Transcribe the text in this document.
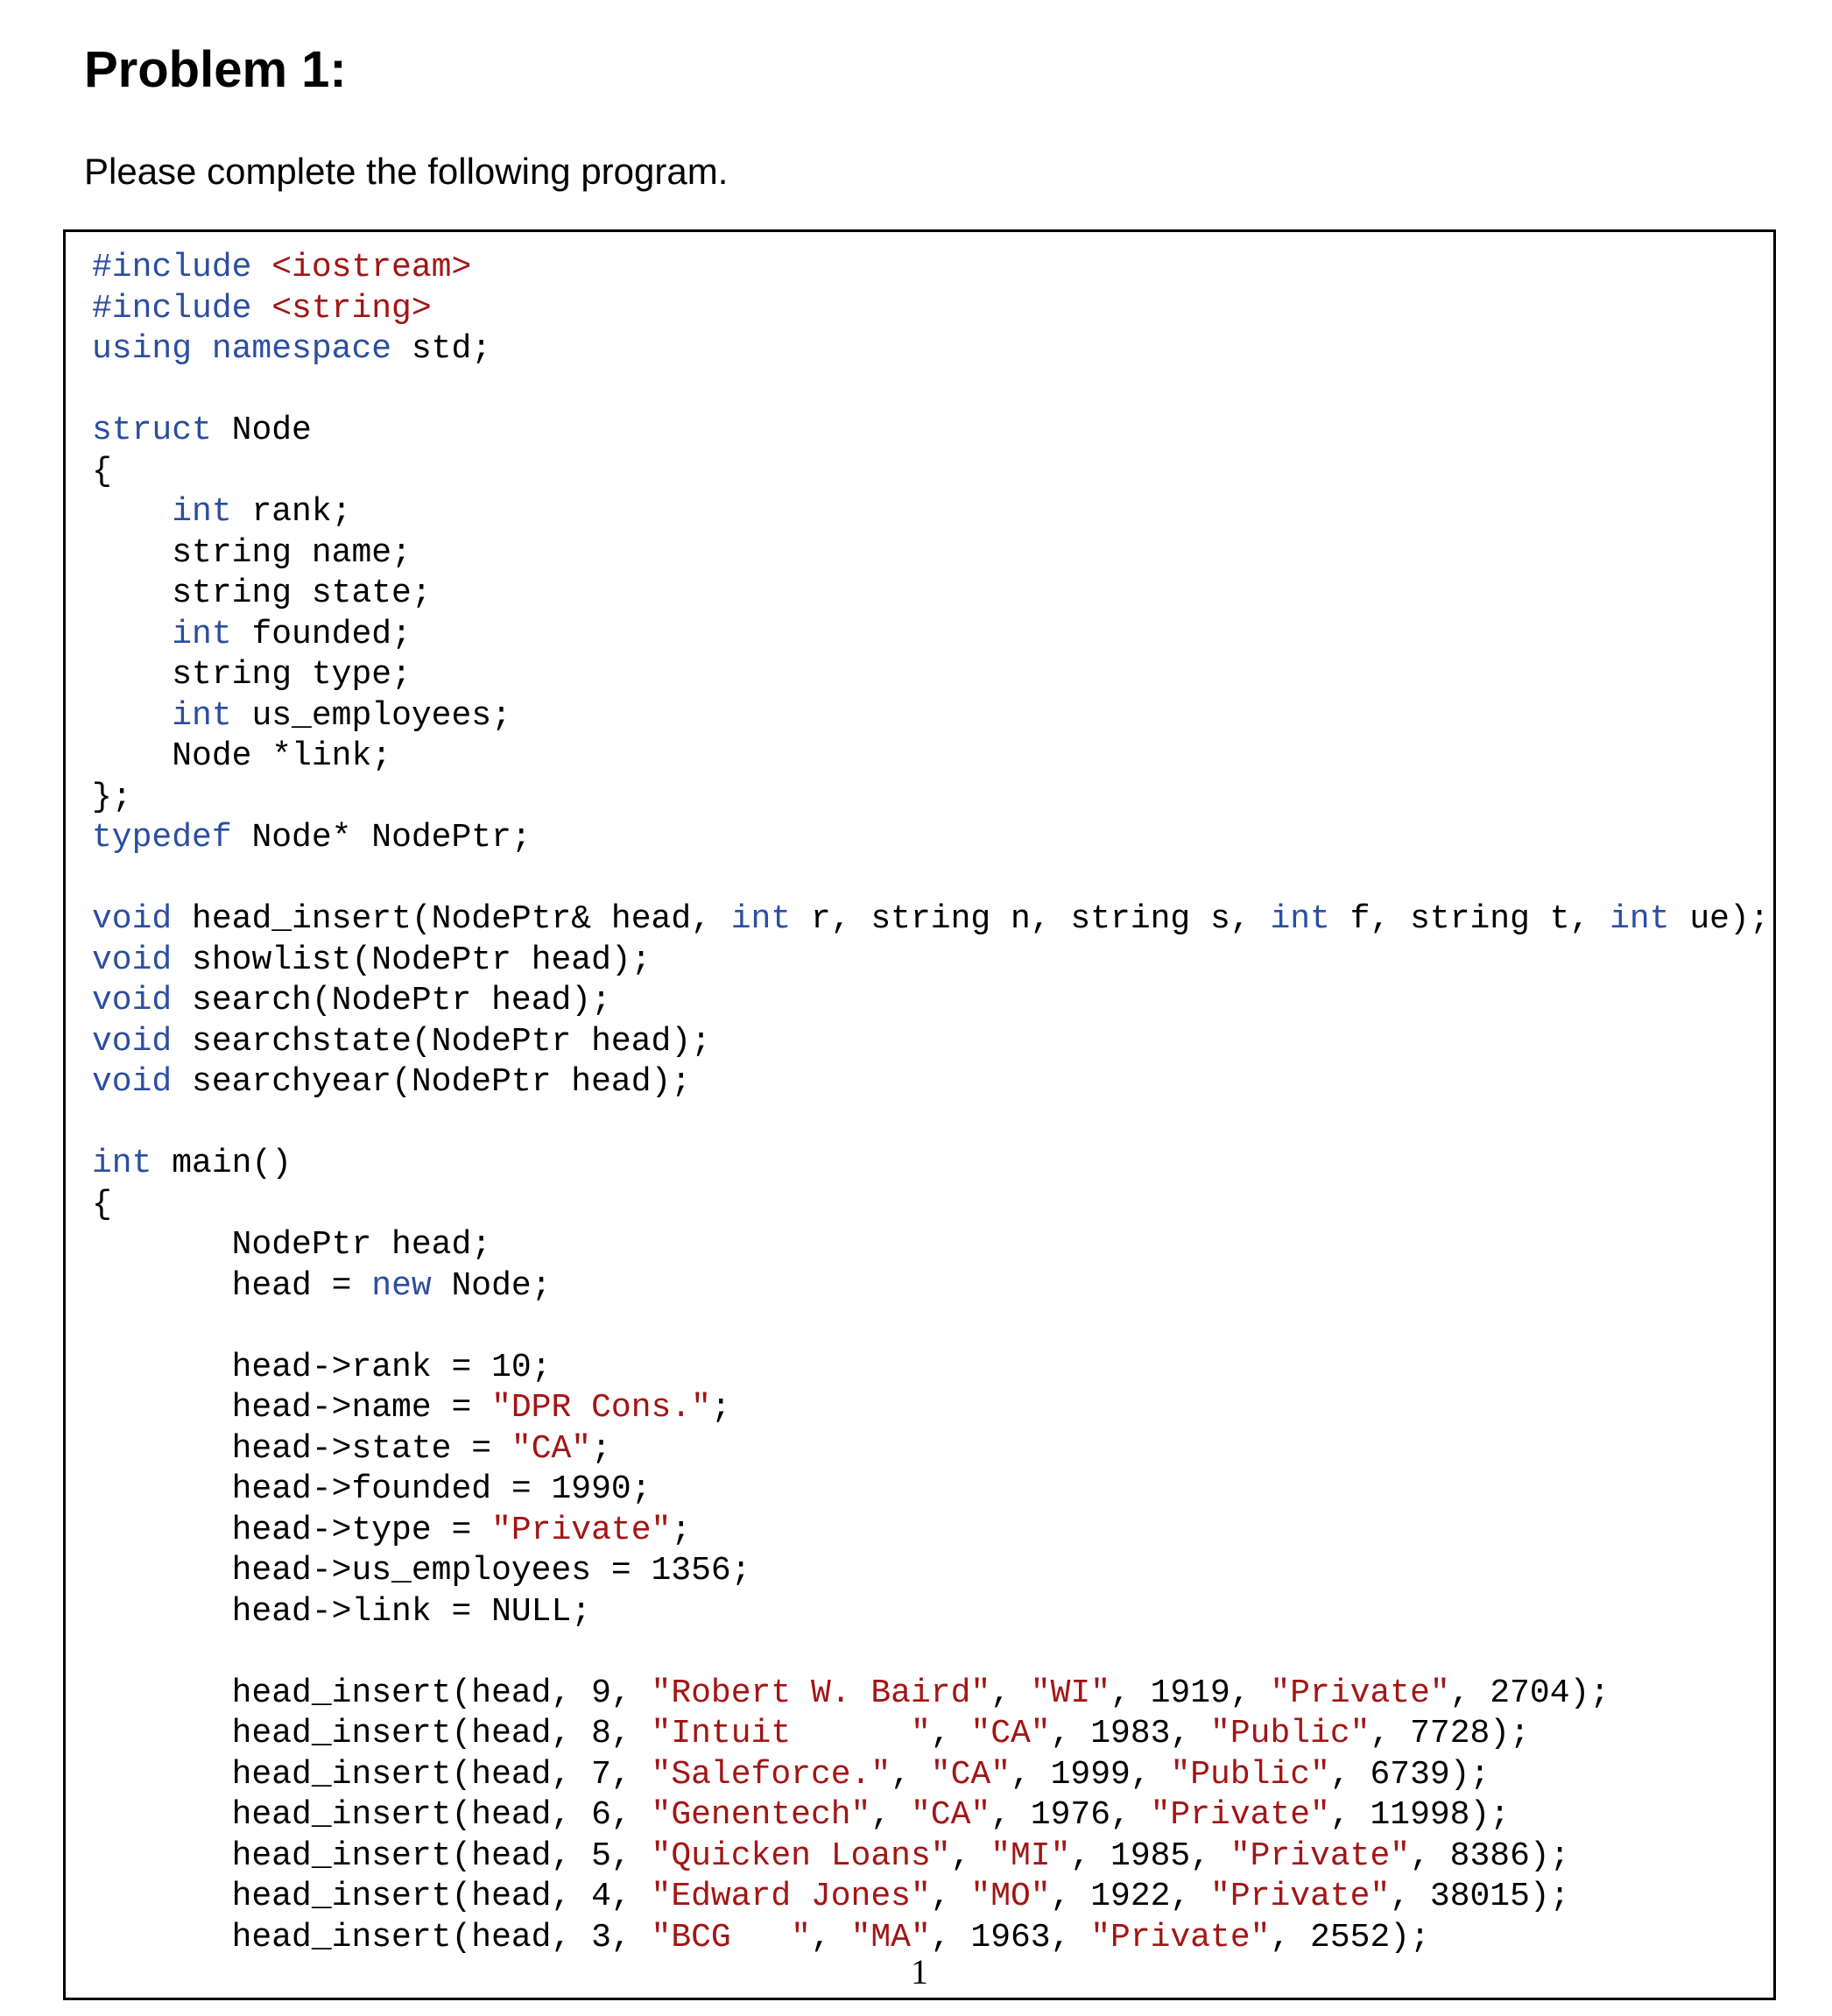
Problem 1:
Please complete the following program.
#include <iostream>
#include <string>
using namespace std;

struct Node
{
int rank;
string name;
string state;
int founded;
string type;
int us_employees;
Node *link;
};
typedef Node* NodePtr;

void head_insert(NodePtr& head, int r, string n, string s, int f, string t, int ue);
void showlist(NodePtr head);
void search(NodePtr head);
void searchstate(NodePtr head);
void searchyear(NodePtr head);

int main()
{
NodePtr head;
head = new Node;

head->rank = 10;
head->name = "DPR Cons.";
head->state = "CA";
head->founded = 1990;
head->type = "Private";
head->us_employees = 1356;
head->link = NULL;

head_insert(head, 9, "Robert W. Baird", "WI", 1919, "Private", 2704);
head_insert(head, 8, "Intuit      ", "CA", 1983, "Public", 7728);
head_insert(head, 7, "Saleforce.", "CA", 1999, "Public", 6739);
head_insert(head, 6, "Genentech", "CA", 1976, "Private", 11998);
head_insert(head, 5, "Quicken Loans", "MI", 1985, "Private", 8386);
head_insert(head, 4, "Edward Jones", "MO", 1922, "Private", 38015);
head_insert(head, 3, "BCG   ", "MA", 1963, "Private", 2552);
1
